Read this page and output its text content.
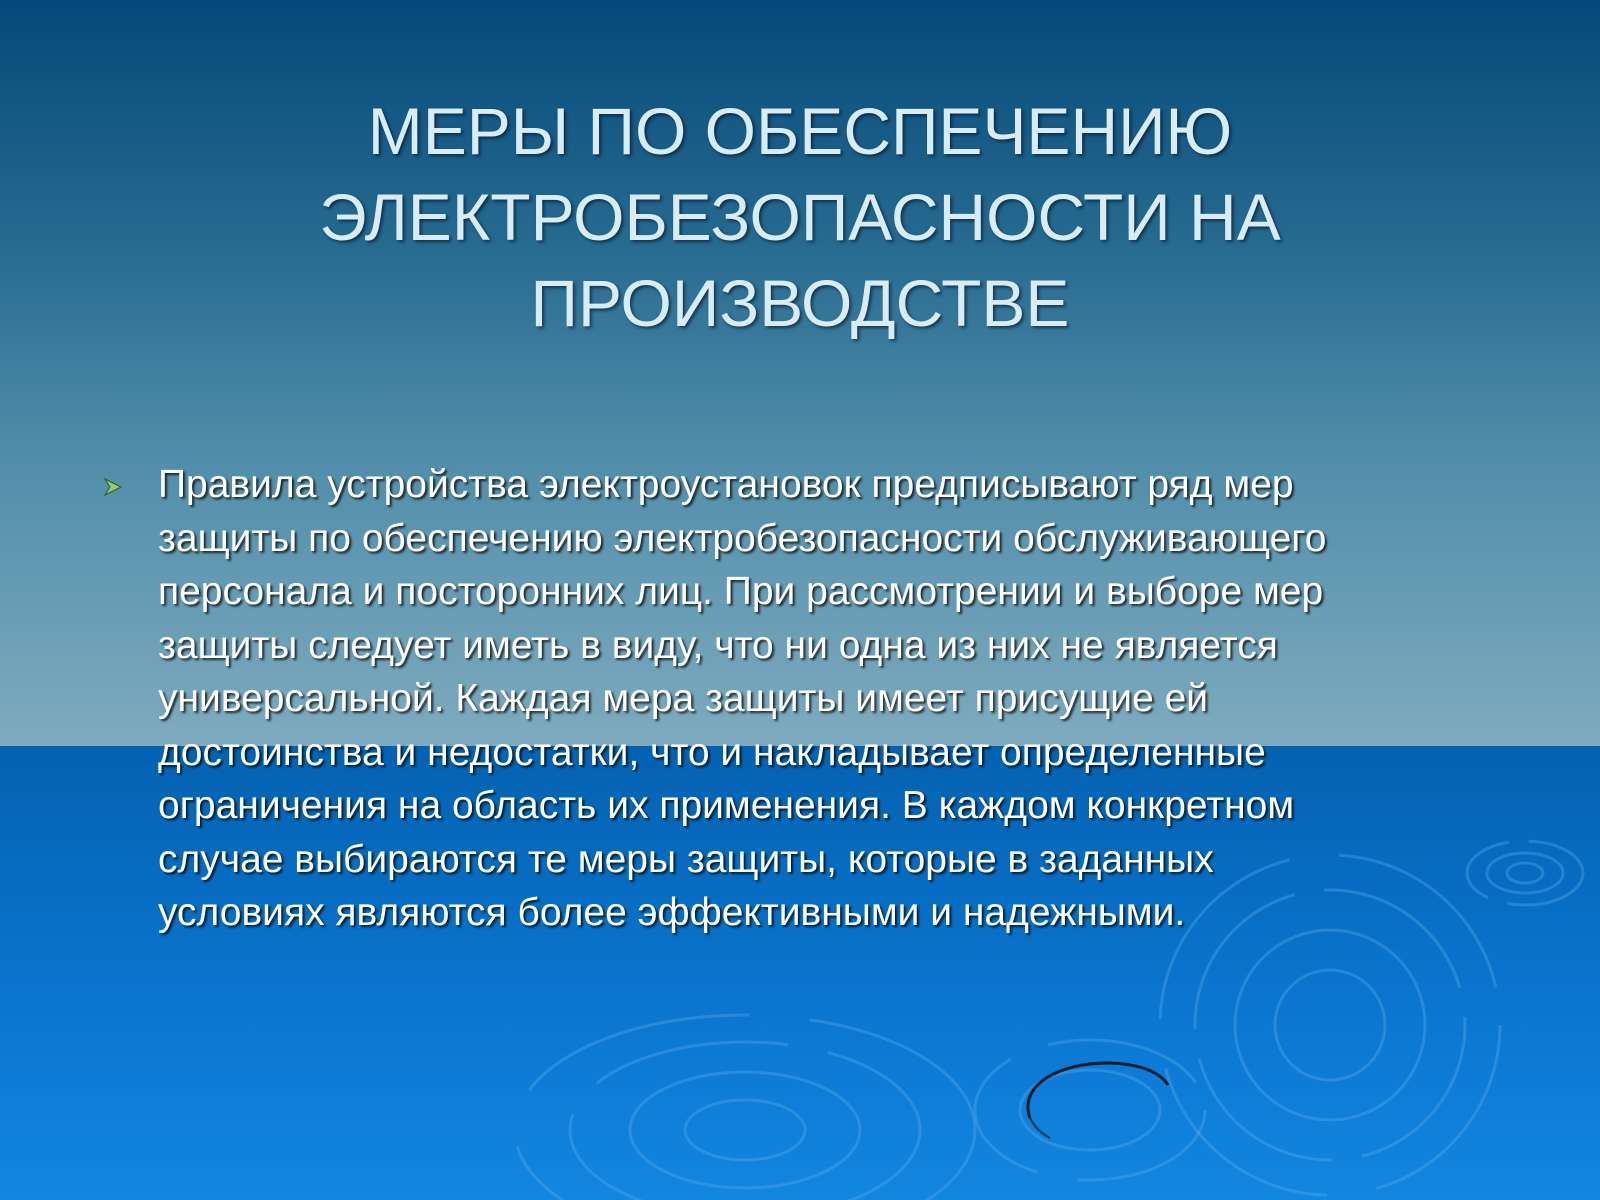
МЕРЫ ПО ОБЕСПЕЧЕНИЮ
ЭЛЕКТРОБЕЗОПАСНОСТИ НА
ПРОИЗВОДСТВЕ
Правила устройства электроустановок предписывают ряд мер
защиты по обеспечению электробезопасности обслуживающего
персонала и посторонних лиц. При рассмотрении и выборе мер
защиты следует иметь в виду, что ни одна из них не является
универсальной. Каждая мера защиты имеет присущие ей
достоинства и недостатки, что и накладывает определенные
ограничения на область их применения. В каждом конкретном
случае выбираются те меры защиты, которые в заданных
условиях являются более эффективными и надежными.
